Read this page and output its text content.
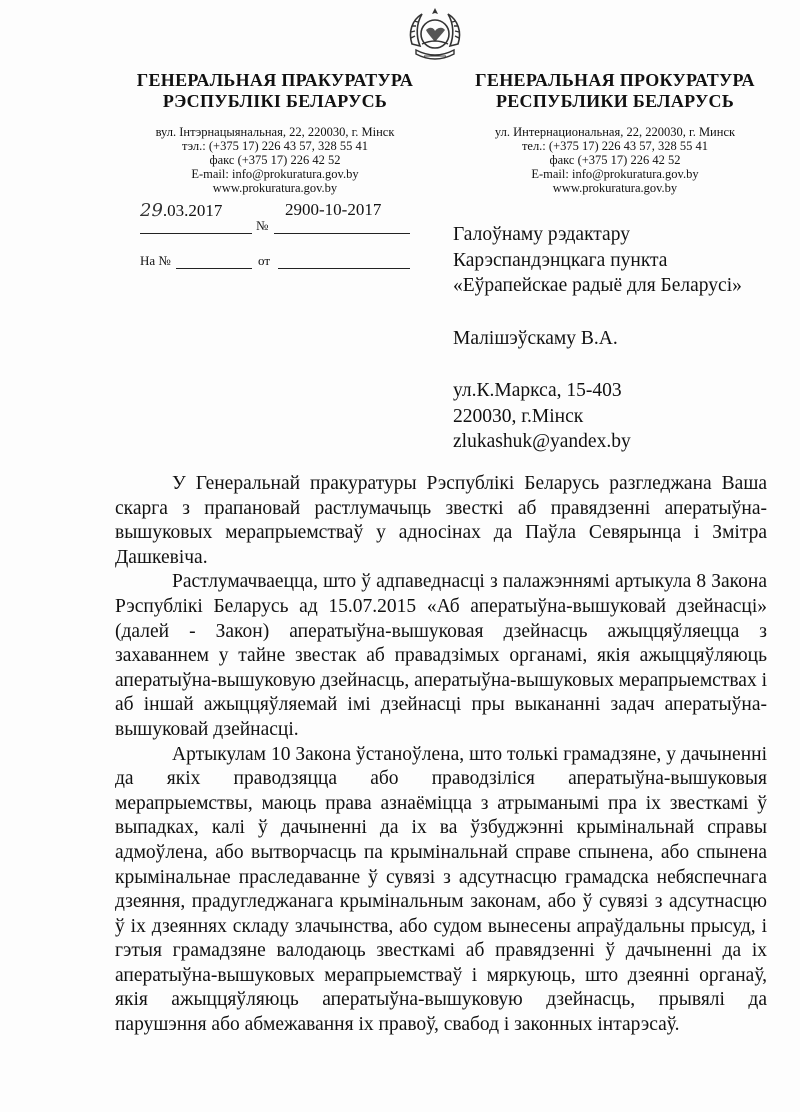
ГЕНЕРАЛЬНАЯ ПРАКУРАТУРА
РЭСПУБЛІКІ БЕЛАРУСЬ
вул. Інтэрнацыянальная, 22, 220030, г. Мінск
тэл.: (+375 17) 226 43 57, 328 55 41
факс (+375 17) 226 42 52
E-mail: info@prokuratura.gov.by
www.prokuratura.gov.by
ГЕНЕРАЛЬНАЯ ПРОКУРАТУРА
РЕСПУБЛИКИ БЕЛАРУСЬ
ул. Интернациональная, 22, 220030, г. Минск
тел.: (+375 17) 226 43 57, 328 55 41
факс (+375 17) 226 42 52
E-mail: info@prokuratura.gov.by
www.prokuratura.gov.by
29.03.2017	2900-10-2017
№
На №	от
Галоўнаму рэдактару
Карэспандэнцкага пункта
«Еўрапейскае радыё для Беларусі»
Малішэўскаму В.А.
ул.К.Маркса, 15-403
220030, г.Мінск
zlukashuk@yandex.by

У Генеральнай пракуратуры Рэспублікі Беларусь разгледжана Ваша скарга з прапановай растлумачыць звесткі аб правядзенні аператыўна-вышуковых мерапрыемстваў у адносінах да Паўла Севярынца і Змітра Дашкевіча.

Растлумачваецца, што ў адпаведнасці з палажэннямі артыкула 8 Закона Рэспублікі Беларусь ад 15.07.2015 «Аб аператыўна-вышуковай дзейнасці» (далей - Закон) аператыўна-вышуковая дзейнасць ажыццяўляецца з захаваннем у тайне звестак аб правадзімых органамі, якія ажыццяўляюць аператыўна-вышуковую дзейнасць, аператыўна-вышуковых мерапрыемствах і аб іншай ажыццяўляемай імі дзейнасці пры выкананні задач аператыўна-вышуковай дзейнасці.

Артыкулам 10 Закона ўстаноўлена, што толькі грамадзяне, у дачыненні да якіх праводзяцца або праводзіліся аператыўна-вышуковыя мерапрыемствы, маюць права азнаёміцца з атрыманымі пра іх звесткамі ў выпадках, калі ў дачыненні да іх ва ўзбуджэнні крымінальнай справы адмоўлена, або вытворчасць па крымінальнай справе спынена, або спынена крымінальнае праследаванне ў сувязі з адсутнасцю грамадска небяспечнага дзеяння, прадугледжанага крымінальным законам, або ў сувязі з адсутнасцю ў іх дзеяннях складу злачынства, або судом вынесены апраўдальны прысуд, і гэтыя грамадзяне валодаюць звесткамі аб правядзенні ў дачыненні да іх аператыўна-вышуковых мерапрыемстваў і мяркуюць, што дзеянні органаў, якія ажыццяўляюць аператыўна-вышуковую дзейнасць, прывялі да парушэння або абмежавання іх правоў, свабод і законных інтарэсаў.
